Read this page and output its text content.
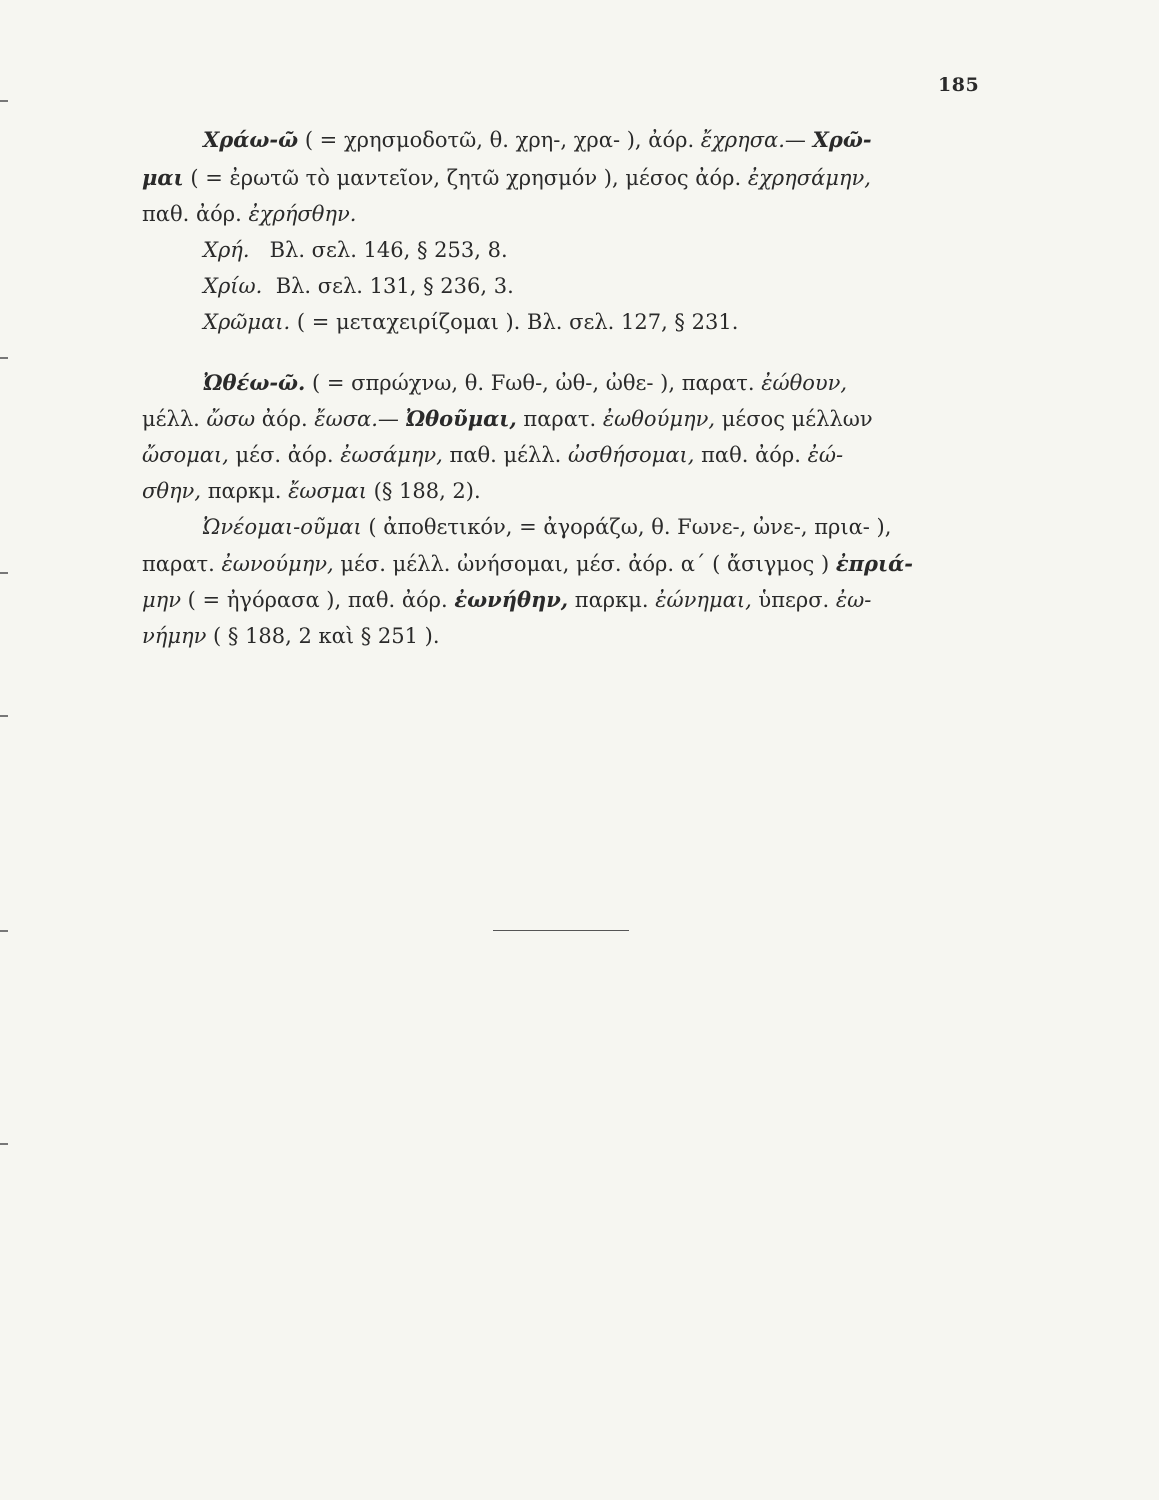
185
Χράω-ῶ ( = χρησμοδοτῶ, θ. χρη-, χρα- ), ἀόρ. ἔχρησα.— Χρῶ-
μαι ( = ἐρωτῶ τὸ μαντεῖον, ζητῶ χρησμόν ), μέσος ἀόρ. ἐχρησάμην,
παθ. ἀόρ. ἐχρήσθην.
Χρή.   Βλ. σελ. 146, § 253, 8.
Χρίω.  Βλ. σελ. 131, § 236, 3.
Χρῶμαι. ( = μεταχειρίζομαι ). Βλ. σελ. 127, § 231.
Ὠθέω-ῶ. ( = σπρώχνω, θ. Fωθ-, ὠθ-, ὠθε- ), παρατ. ἐώθουν,
μέλλ. ὤσω ἀόρ. ἔωσα.— Ὠθοῦμαι, παρατ. ἐωθούμην, μέσος μέλλων
ὤσομαι, μέσ. ἀόρ. ἐωσάμην, παθ. μέλλ. ὠσθήσομαι, παθ. ἀόρ. ἐώ-
σθην, παρκμ. ἔωσμαι (§ 188, 2).
Ὠνέομαι-οῦμαι ( ἀποθετικόν, = ἀγοράζω, θ. Fωνε-, ὠνε-, πρια- ),
παρατ. ἐωνούμην, μέσ. μέλλ. ὠνήσομαι, μέσ. ἀόρ. α΄ ( ἄσιγμος ) ἐπριά-
μην ( = ἠγόρασα ), παθ. ἀόρ. ἐωνήθην, παρκμ. ἐώνημαι, ὑπερσ. ἐω-
νήμην ( § 188, 2 καὶ § 251 ).
